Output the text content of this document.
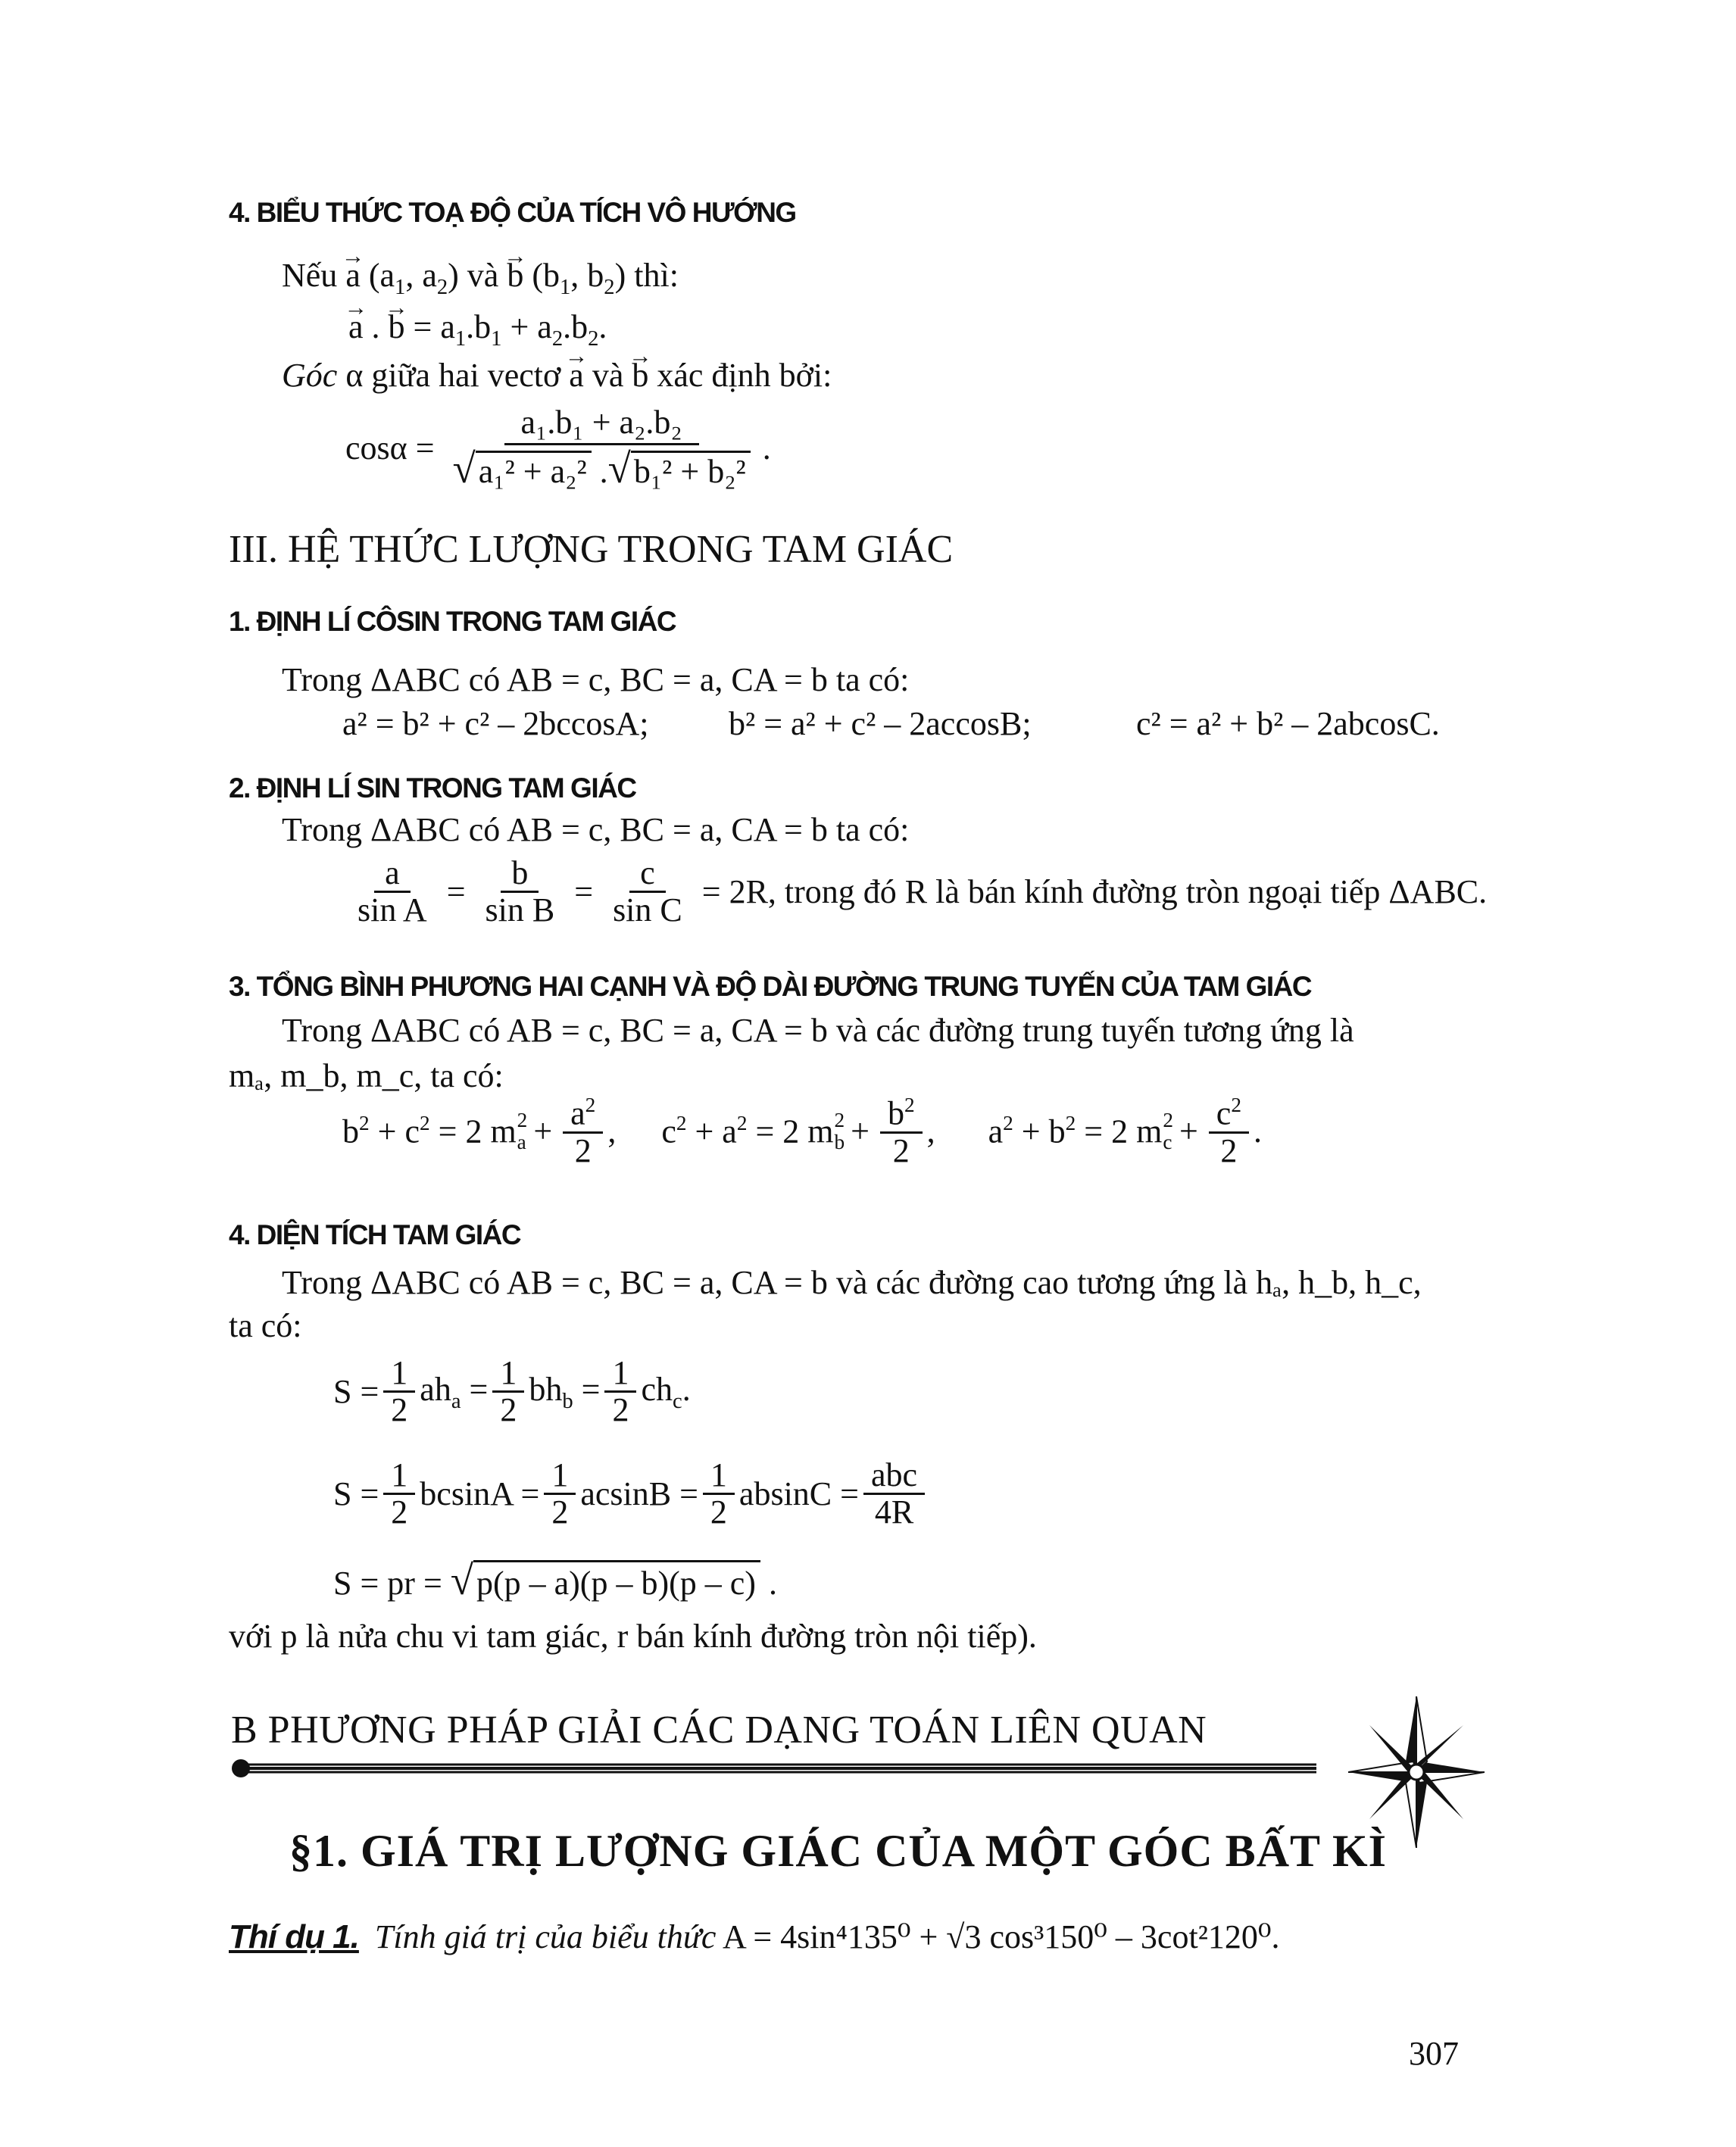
4. BIỂU THỨC TOẠ ĐỘ CỦA TÍCH VÔ HƯỚNG
Nếu → a ($a_1$, $a_2$) và → b ($b_1$, $b_2$) thì:
→ a . → $b = a_1.b_1 + a_2.b_2$.
Góc α giữa hai vectơ → a và → b xác định bởi:
$\cos\alpha = \frac{\text{a₁.b₁ + a₂.b₂}}{\text{√a₁² + a₂² .√b₁² + b₂²}}$ .
III. HỆ THỨC LƯỢNG TRONG TAM GIÁC
1. ĐỊNH LÍ CÔSIN TRONG TAM GIÁC
Trong ΔABC có AB = c, BC = a, CA = b ta có:
a² = b² + c² – 2bccosA; b² = a² + c² – 2accosB;	c² = a² + b² – 2abcosC.
2. ĐỊNH LÍ SIN TRONG TAM GIÁC
Trong ΔABC có AB = c, BC = a, CA = b ta có:
$\frac{a}{\text{sin A}} = \frac{b}{\text{sin B}} = \frac{c}{\text{sin C}} = 2R$, trong đó R là bán kính đường tròn ngoại tiếp ΔABC.
3. TỔNG BÌNH PHƯƠNG HAI CẠNH VÀ ĐỘ DÀI ĐƯỜNG TRUNG TUYẾN CỦA TAM GIÁC
Trong ΔABC có AB = c, BC = a, CA = b và các đường trung tuyến tương ứng là
mₐ, m_b, m_c, ta có:
$b^2 + c^2 = 2$ m 2
$a + \frac{a^2}{2}$ , $c^2 + a^2 = 2$ m 2
$b + \frac{b^2}{2}$ , $a^2 + b^2 = 2$ m 2
$c + \frac{c^2}{2}$ .
4. DIỆN TÍCH TAM GIÁC
Trong ΔABC có AB = c, BC = a, CA = b và các đường cao tương ứng là hₐ, h_b, h_c,
ta có:
$S = \frac{1}{2} ah_a = \frac{1}{2} bh_b = \frac{1}{2} ch_c$.
$S = \frac{1}{2}$ $bcsinA = \frac{1}{2}$ $acsinB = \frac{1}{2}$ $absinC = \frac{\text{abc}}{4R}$
S = pr = √p(p – a)(p – b)(p – c) .
với p là nửa chu vi tam giác, r bán kính đường tròn nội tiếp).
B PHƯƠNG PHÁP GIẢI CÁC DẠNG TOÁN LIÊN QUAN
§1. GIÁ TRỊ LƯỢNG GIÁC CỦA MỘT GÓC BẤT KÌ
Thí dụ 1. Tính giá trị của biểu thức A = 4sin⁴135⁰ + √3 cos³150⁰ – 3cot²120⁰.
307
